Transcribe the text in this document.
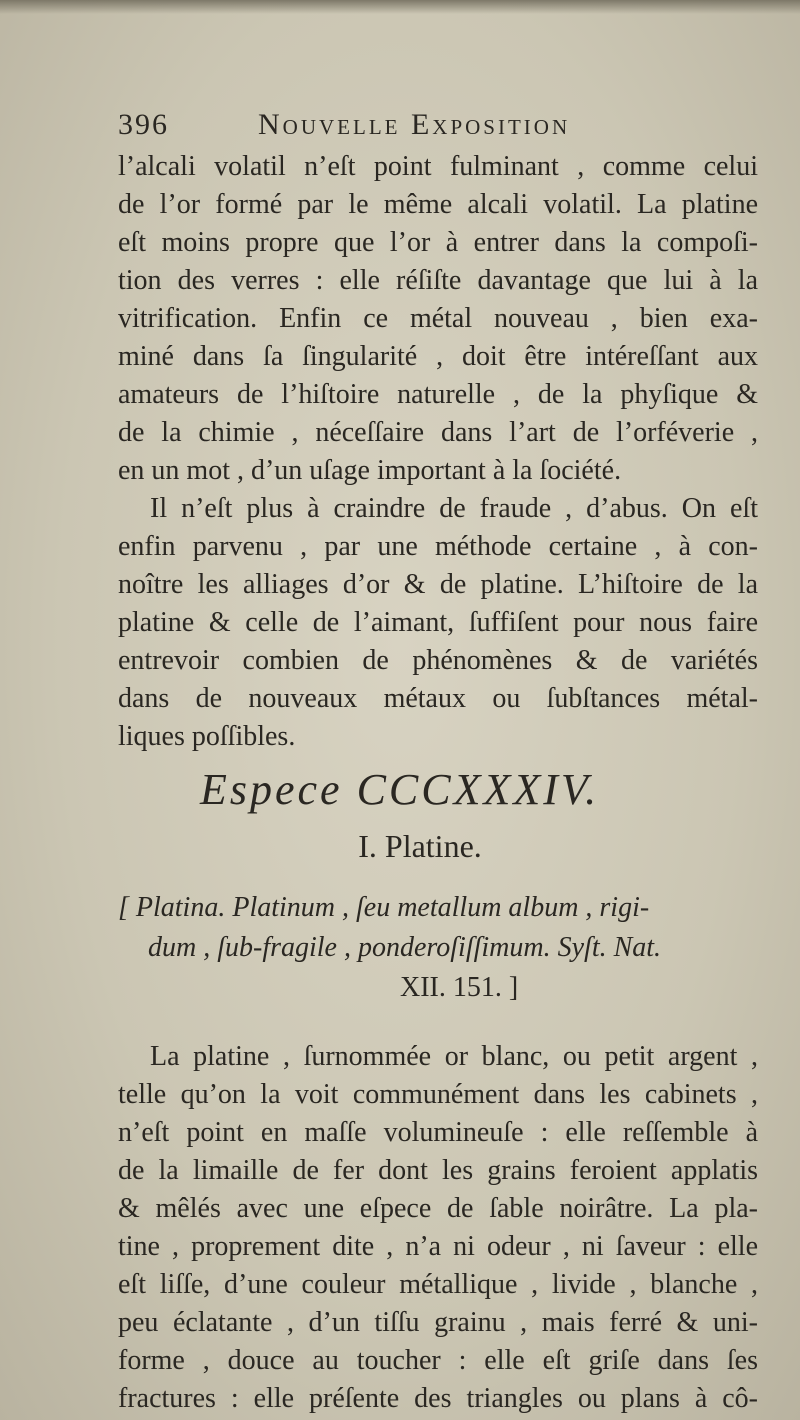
396	Nouvelle Exposition
l’alcali volatil n’eſt point fulminant , comme celui
de l’or formé par le même alcali volatil. La platine
eſt moins propre que l’or à entrer dans la compoſi-
tion des verres : elle réſiſte davantage que lui à la
vitrification. Enfin ce métal nouveau , bien exa-
miné dans ſa ſingularité , doit être intéreſſant aux
amateurs de l’hiſtoire naturelle , de la phyſique &
de la chimie , néceſſaire dans l’art de l’orféverie ,
en un mot , d’un uſage important à la ſociété.
Il n’eſt plus à craindre de fraude , d’abus. On eſt
enfin parvenu , par une méthode certaine , à con-
noître les alliages d’or & de platine. L’hiſtoire de la
platine & celle de l’aimant, ſuffiſent pour nous faire
entrevoir combien de phénomènes & de variétés
dans de nouveaux métaux ou ſubſtances métal-
liques poſſibles.
Espece CCCXXXIV.
I. Platine.
[ Platina. Platinum , ſeu metallum album , rigi-
dum , ſub-fragile , ponderoſiſſimum. Syſt. Nat.
XII. 151. ]
La platine , ſurnommée or blanc, ou petit argent ,
telle qu’on la voit communément dans les cabinets ,
n’eſt point en maſſe volumineuſe : elle reſſemble à
de la limaille de fer dont les grains feroient applatis
& mêlés avec une eſpece de ſable noirâtre. La pla-
tine , proprement dite , n’a ni odeur , ni ſaveur : elle
eſt liſſe, d’une couleur métallique , livide , blanche ,
peu éclatante , d’un tiſſu grainu , mais ferré & uni-
forme , douce au toucher : elle eſt griſe dans ſes
fractures : elle préſente des triangles ou plans à cô-
